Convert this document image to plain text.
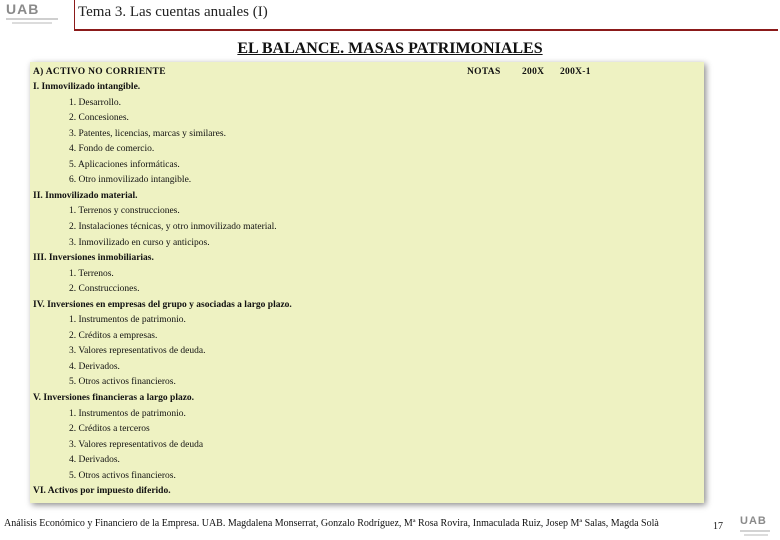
UAB	Tema 3. Las cuentas anuales (I)
EL BALANCE. MASAS PATRIMONIALES
A) ACTIVO NO CORRIENTE	NOTAS 200X 200X-1
I. Inmovilizado intangible.
1. Desarrollo.
2. Concesiones.
3. Patentes, licencias, marcas y similares.
4. Fondo de comercio.
5. Aplicaciones informáticas.
6. Otro inmovilizado intangible.
II. Inmovilizado material.
1. Terrenos y construcciones.
2. Instalaciones técnicas, y otro inmovilizado material.
3. Inmovilizado en curso y anticipos.
III. Inversiones inmobiliarias.
1. Terrenos.
2. Construcciones.
IV. Inversiones en empresas del grupo y asociadas a largo plazo.
1. Instrumentos de patrimonio.
2. Créditos a empresas.
3. Valores representativos de deuda.
4. Derivados.
5. Otros activos financieros.
V. Inversiones financieras a largo plazo.
1. Instrumentos de patrimonio.
2. Créditos a terceros
3. Valores representativos de deuda
4. Derivados.
5. Otros activos financieros.
VI. Activos por impuesto diferido.
Análisis Económico y Financiero de la Empresa. UAB. Magdalena Monserrat, Gonzalo Rodríguez, Mª Rosa Rovira, Inmaculada Ruiz, Josep Mª Salas, Magda Solà	17 UAB
